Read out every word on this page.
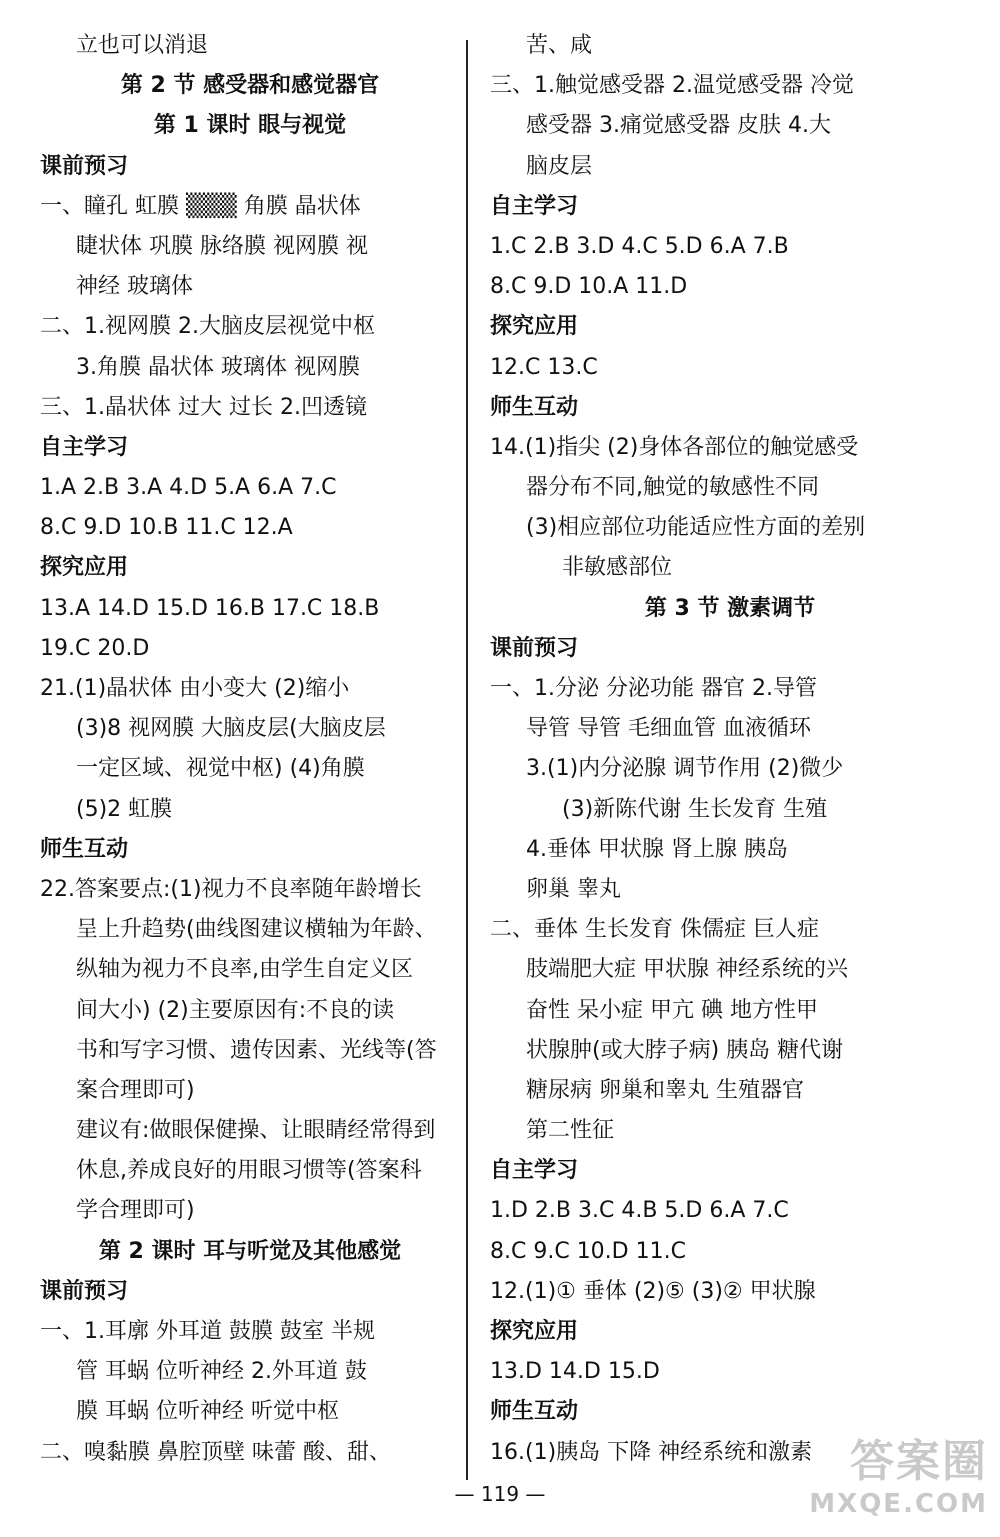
立也可以消退
第 2 节 感受器和感觉器官
第 1 课时 眼与视觉
课前预习
一、瞳孔 虹膜 ▒▒▒ 角膜 晶状体
睫状体 巩膜 脉络膜 视网膜 视
神经 玻璃体
二、1.视网膜 2.大脑皮层视觉中枢
3.角膜 晶状体 玻璃体 视网膜
三、1.晶状体 过大 过长 2.凹透镜
自主学习
1.A 2.B 3.A 4.D 5.A 6.A 7.C
8.C 9.D 10.B 11.C 12.A
探究应用
13.A 14.D 15.D 16.B 17.C 18.B
19.C 20.D
21.(1)晶状体 由小变大 (2)缩小
(3)8 视网膜 大脑皮层(大脑皮层
一定区域、视觉中枢) (4)角膜
(5)2 虹膜
师生互动
22.答案要点:(1)视力不良率随年龄增长
呈上升趋势(曲线图建议横轴为年龄、
纵轴为视力不良率,由学生自定义区
间大小) (2)主要原因有:不良的读
书和写字习惯、遗传因素、光线等(答
案合理即可)
建议有:做眼保健操、让眼睛经常得到
休息,养成良好的用眼习惯等(答案科
学合理即可)
第 2 课时 耳与听觉及其他感觉
课前预习
一、1.耳廓 外耳道 鼓膜 鼓室 半规
管 耳蜗 位听神经 2.外耳道 鼓
膜 耳蜗 位听神经 听觉中枢
二、嗅黏膜 鼻腔顶壁 味蕾 酸、甜、
苦、咸
三、1.触觉感受器 2.温觉感受器 冷觉
感受器 3.痛觉感受器 皮肤 4.大
脑皮层
自主学习
1.C 2.B 3.D 4.C 5.D 6.A 7.B
8.C 9.D 10.A 11.D
探究应用
12.C 13.C
师生互动
14.(1)指尖 (2)身体各部位的触觉感受
器分布不同,触觉的敏感性不同
(3)相应部位功能适应性方面的差别
非敏感部位
第 3 节 激素调节
课前预习
一、1.分泌 分泌功能 器官 2.导管
导管 导管 毛细血管 血液循环
3.(1)内分泌腺 调节作用 (2)微少
(3)新陈代谢 生长发育 生殖
4.垂体 甲状腺 肾上腺 胰岛
卵巢 睾丸
二、垂体 生长发育 侏儒症 巨人症
肢端肥大症 甲状腺 神经系统的兴
奋性 呆小症 甲亢 碘 地方性甲
状腺肿(或大脖子病) 胰岛 糖代谢
糖尿病 卵巢和睾丸 生殖器官
第二性征
自主学习
1.D 2.B 3.C 4.B 5.D 6.A 7.C
8.C 9.C 10.D 11.C
12.(1)① 垂体 (2)⑤ (3)② 甲状腺
探究应用
13.D 14.D 15.D
师生互动
16.(1)胰岛 下降 神经系统和激素
— 119 —
答案圈
MXQE.COM
